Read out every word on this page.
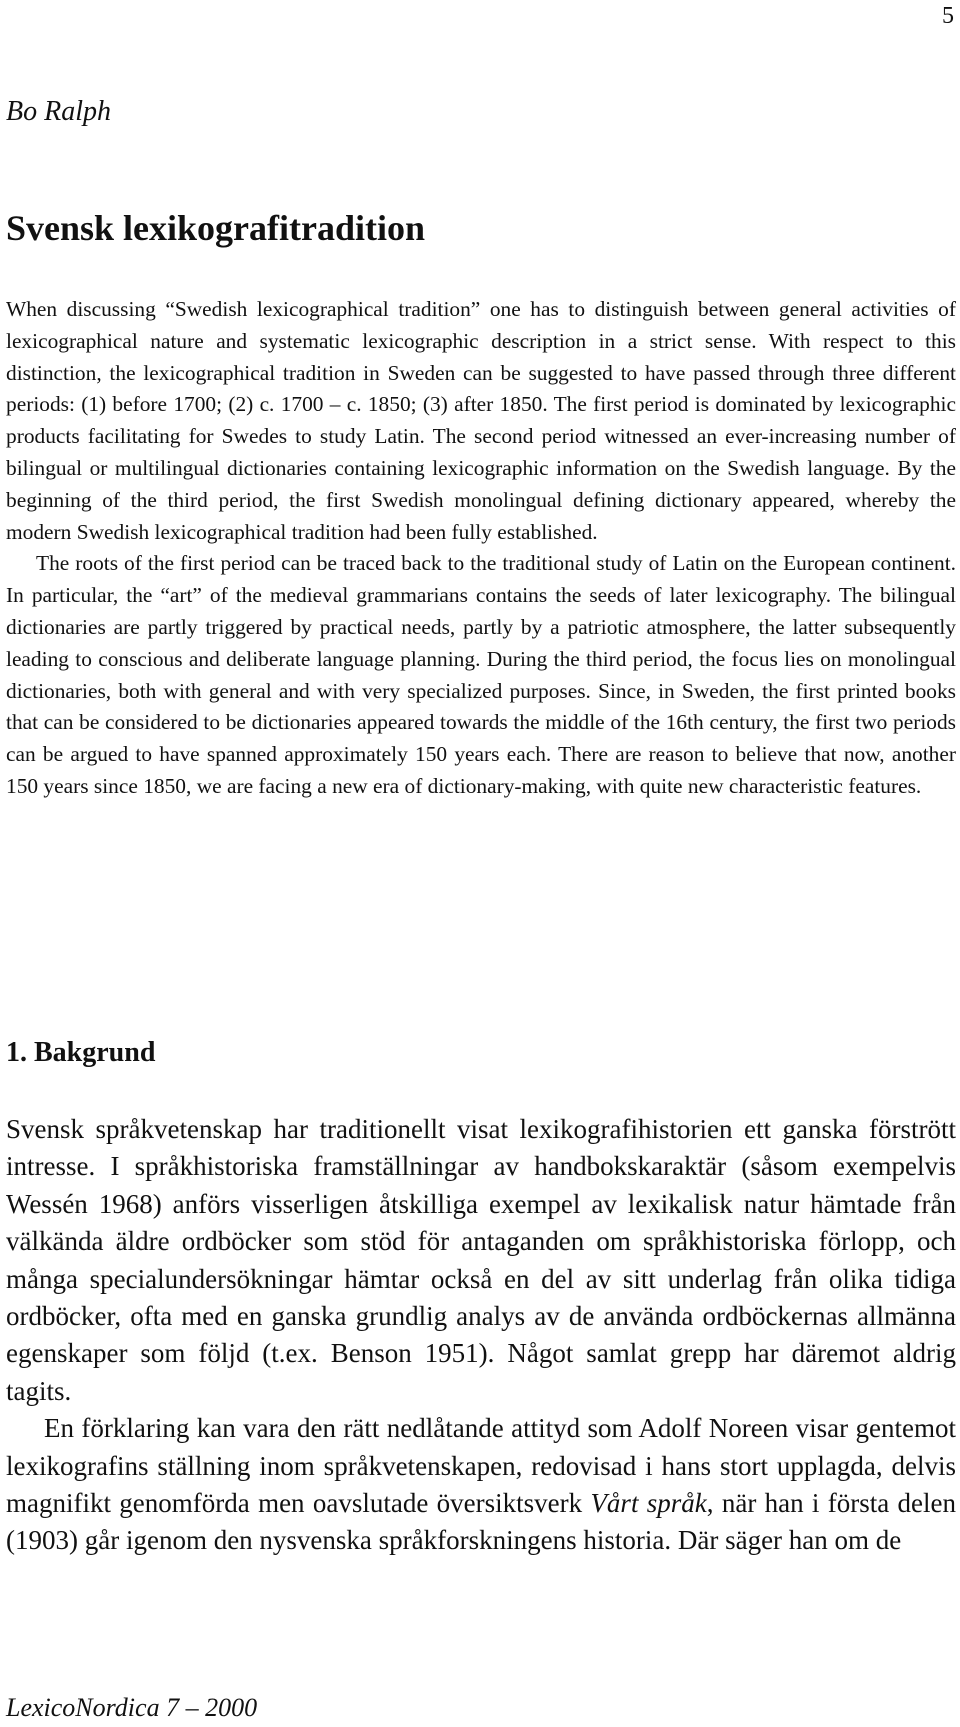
5
Bo Ralph
Svensk lexikografitradition

When discussing “Swedish lexicographical tradition” one has to distinguish between general activities of lexicographical nature and systematic lexicographic description in a strict sense. With respect to this distinction, the lexicographical tradition in Sweden can be suggested to have passed through three different periods: (1) before 1700; (2) c. 1700 – c. 1850; (3) after 1850. The first period is dominated by lexicographic products facilitating for Swedes to study Latin. The second period witnessed an ever-increasing number of bilingual or multilingual dictionaries containing lexicographic information on the Swedish language. By the beginning of the third period, the first Swedish monolingual defining dictionary appeared, whereby the modern Swedish lexicographical tradition had been fully established.

The roots of the first period can be traced back to the traditional study of Latin on the European continent. In particular, the “art” of the medieval grammarians contains the seeds of later lexicography. The bilingual dictionaries are partly triggered by practical needs, partly by a patriotic atmosphere, the latter subsequently leading to conscious and deliberate language planning. During the third period, the focus lies on monolingual dictionaries, both with general and with very specialized purposes. Since, in Sweden, the first printed books that can be considered to be dictionaries appeared towards the middle of the 16th century, the first two periods can be argued to have spanned approximately 150 years each. There are reason to believe that now, another 150 years since 1850, we are facing a new era of dictionary-making, with quite new characteristic features.

1. Bakgrund

Svensk språkvetenskap har traditionellt visat lexikografihistorien ett ganska förstrött intresse. I språkhistoriska framställningar av handbokskaraktär (såsom exempelvis Wessén 1968) anförs visserligen åtskilliga exempel av lexikalisk natur hämtade från välkända äldre ordböcker som stöd för antaganden om språkhistoriska förlopp, och många specialundersökningar hämtar också en del av sitt underlag från olika tidiga ordböcker, ofta med en ganska grundlig analys av de använda ordböckernas allmänna egenskaper som följd (t.ex. Benson 1951). Något samlat grepp har däremot aldrig tagits.

En förklaring kan vara den rätt nedlåtande attityd som Adolf Noreen visar gentemot lexikografins ställning inom språkvetenskapen, redovisad i hans stort upplagda, delvis magnifikt genomförda men oavslutade översiktsverk Vårt språk, när han i första delen (1903) går igenom den nysvenska språkforskningens historia. Där säger han om de

LexicoNordica 7 – 2000
